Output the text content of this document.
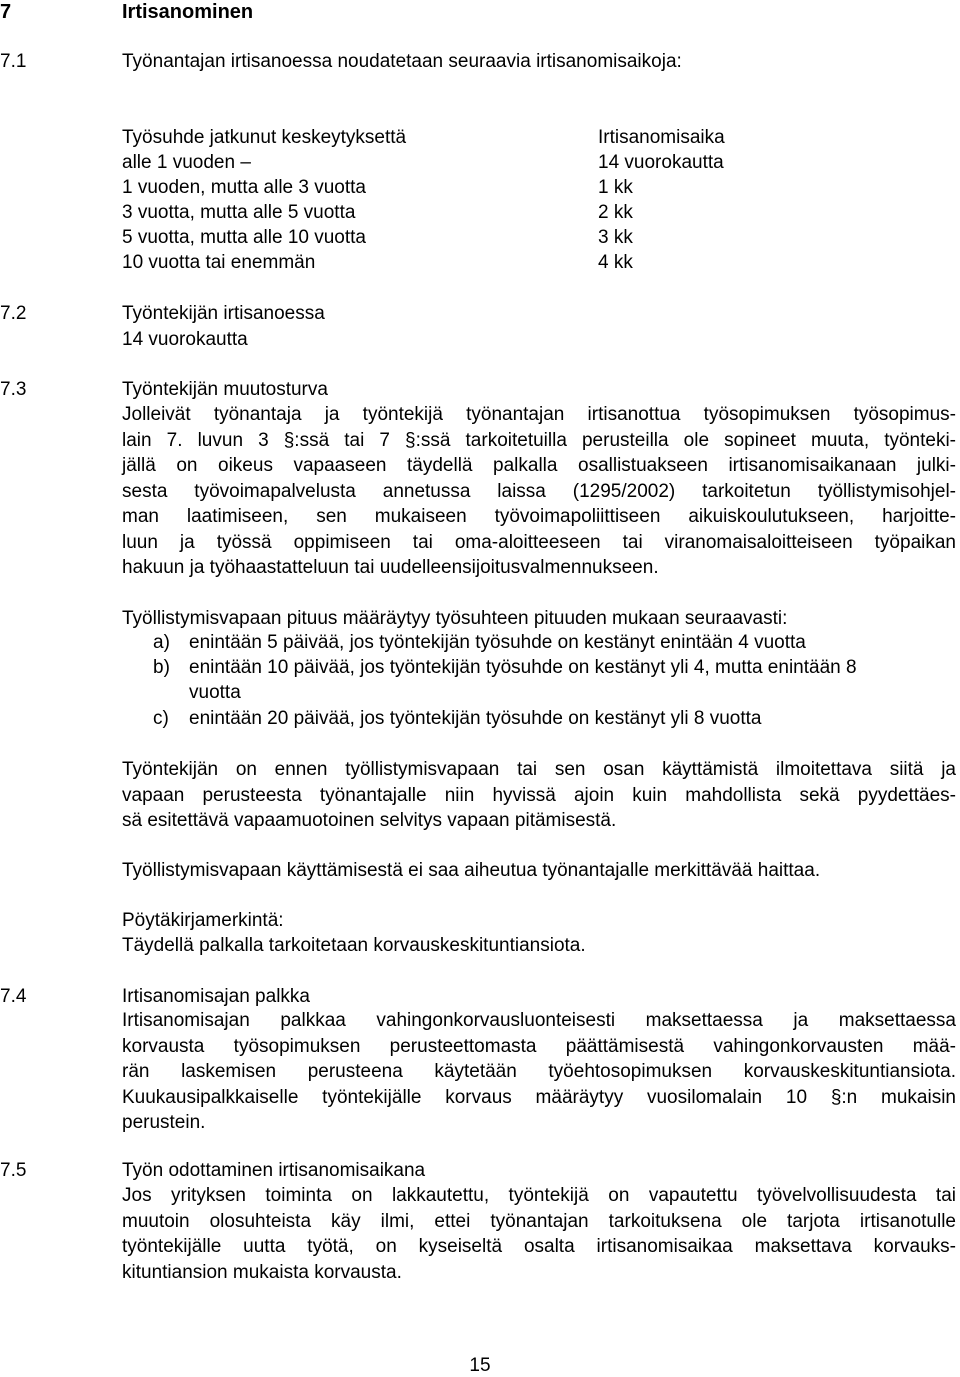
7	Irtisanominen
7.1	Työnantajan irtisanoessa noudatetaan seuraavia irtisanomisaikoja:
Työsuhde jatkunut keskeytyksettä	Irtisanomisaika
alle 1 vuoden –	14 vuorokautta
1 vuoden, mutta alle 3 vuotta	1 kk
3 vuotta, mutta alle 5 vuotta	2 kk
5 vuotta, mutta alle 10 vuotta	3 kk
10 vuotta tai enemmän	4 kk
7.2	Työntekijän irtisanoessa
14 vuorokautta
7.3	Työntekijän muutosturva
Jolleivät työnantaja ja työntekijä työnantajan irtisanottua työsopimuksen työsopimus-
lain 7. luvun 3 §:ssä tai 7 §:ssä tarkoitetuilla perusteilla ole sopineet muuta, työnteki-
jällä on oikeus vapaaseen täydellä palkalla osallistuakseen irtisanomisaikanaan julki-
sesta työvoimapalvelusta annetussa laissa (1295/2002) tarkoitetun työllistymisohjel-
man laatimiseen, sen mukaiseen työvoimapoliittiseen aikuiskoulutukseen, harjoitte-
luun ja työssä oppimiseen tai oma-aloitteeseen tai viranomaisaloitteiseen työpaikan
hakuun ja työhaastatteluun tai uudelleensijoitusvalmennukseen.
Työllistymisvapaan pituus määräytyy työsuhteen pituuden mukaan seuraavasti:
a) enintään 5 päivää, jos työntekijän työsuhde on kestänyt enintään 4 vuotta
b) enintään 10 päivää, jos työntekijän työsuhde on kestänyt yli 4, mutta enintään 8
vuotta
c) enintään 20 päivää, jos työntekijän työsuhde on kestänyt yli 8 vuotta
Työntekijän on ennen työllistymisvapaan tai sen osan käyttämistä ilmoitettava siitä ja
vapaan perusteesta työnantajalle niin hyvissä ajoin kuin mahdollista sekä pyydettäes-
sä esitettävä vapaamuotoinen selvitys vapaan pitämisestä.
Työllistymisvapaan käyttämisestä ei saa aiheutua työnantajalle merkittävää haittaa.
Pöytäkirjamerkintä:
Täydellä palkalla tarkoitetaan korvauskeskituntiansiota.
7.4	Irtisanomisajan palkka
Irtisanomisajan palkkaa vahingonkorvausluonteisesti maksettaessa ja maksettaessa
korvausta työsopimuksen perusteettomasta päättämisestä vahingonkorvausten mää-
rän laskemisen perusteena käytetään työehtosopimuksen korvauskeskituntiansiota.
Kuukausipalkkaiselle työntekijälle korvaus määräytyy vuosilomalain 10 §:n mukaisin
perustein.
7.5	Työn odottaminen irtisanomisaikana
Jos yrityksen toiminta on lakkautettu, työntekijä on vapautettu työvelvollisuudesta tai
muutoin olosuhteista käy ilmi, ettei työnantajan tarkoituksena ole tarjota irtisanotulle
työntekijälle uutta työtä, on kyseiseltä osalta irtisanomisaikaa maksettava korvauks-
kituntiansion mukaista korvausta.
15
